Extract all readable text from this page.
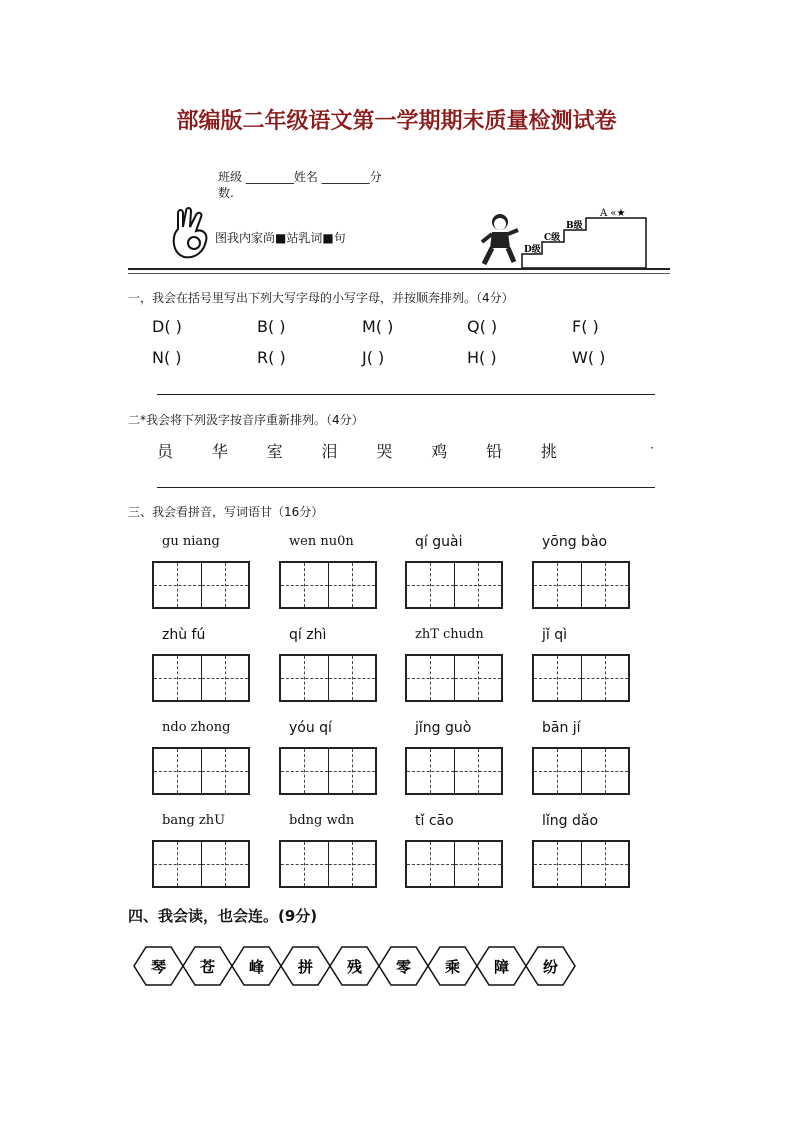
部编版二年级语文第一学期期末质量检测试卷
班级 ________姓名 ________分
数.
图我内家尚■站乳词■句
D级
C级
B级
A «★
一，我会在括号里写出下列大写字母的小写字母，并按顺奔排列。（4分）
D( )	B( )	M( )	Q( )	F( )
N( )	R( )	J( )	H( )	W( )
二*我会将下列汲字按音序重新排列。（4分）
员 华 室 泪 哭 鸡 铅 挑	·
三、我会看拼音，写词语甘（16分）
四、我会读，也会连。(9分)
琴 苍 峰 拼 残 零 乘 障 纷
gu niang	wen nu0n	qí guài	yōng bào
zhù fú	qí zhì	zhT chudn	jǐ qì
ndo zhong	yóu qí	jǐng guò	bān jí
bang zhU	bdng wdn	tǐ cāo	lǐng dǎo
